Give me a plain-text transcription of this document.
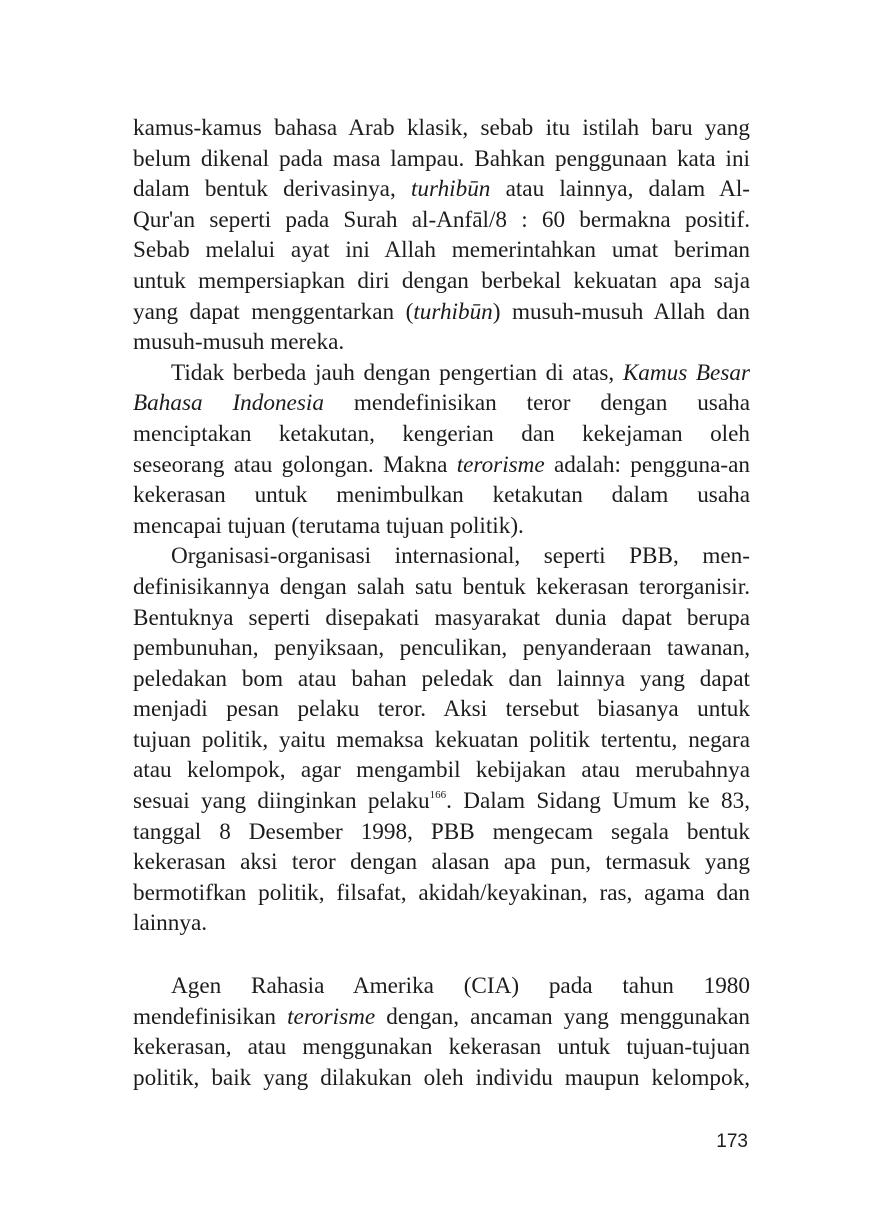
kamus-kamus bahasa Arab klasik, sebab itu istilah baru yang

belum dikenal pada masa lampau. Bahkan penggunaan kata ini

dalam bentuk derivasinya, turhibūn atau lainnya, dalam Al-

Qur'an seperti pada Surah al-Anfāl/8 : 60 bermakna positif.

Sebab melalui ayat ini Allah memerintahkan umat beriman

untuk mempersiapkan diri dengan berbekal kekuatan apa saja

yang dapat menggentarkan (turhibūn) musuh-musuh Allah dan

musuh-musuh mereka.

Tidak berbeda jauh dengan pengertian di atas, Kamus Besar

Bahasa Indonesia mendefinisikan teror dengan usaha

menciptakan ketakutan, kengerian dan kekejaman oleh

seseorang atau golongan. Makna terorisme adalah: pengguna-an

kekerasan untuk menimbulkan ketakutan dalam usaha

mencapai tujuan (terutama tujuan politik).

Organisasi-organisasi internasional, seperti PBB, men-

definisikannya dengan salah satu bentuk kekerasan terorganisir.

Bentuknya seperti disepakati masyarakat dunia dapat berupa

pembunuhan, penyiksaan, penculikan, penyanderaan tawanan,

peledakan bom atau bahan peledak dan lainnya yang dapat

menjadi pesan pelaku teror. Aksi tersebut biasanya untuk

tujuan politik, yaitu memaksa kekuatan politik tertentu, negara

atau kelompok, agar mengambil kebijakan atau merubahnya

sesuai yang diinginkan pelaku$^{166}$. Dalam Sidang Umum ke 83,

tanggal 8 Desember 1998, PBB mengecam segala bentuk

kekerasan aksi teror dengan alasan apa pun, termasuk yang

bermotifkan politik, filsafat, akidah/keyakinan, ras, agama dan

lainnya.

Agen Rahasia Amerika (CIA) pada tahun 1980

mendefinisikan terorisme dengan, ancaman yang menggunakan

kekerasan, atau menggunakan kekerasan untuk tujuan-tujuan

politik, baik yang dilakukan oleh individu maupun kelompok,

173
